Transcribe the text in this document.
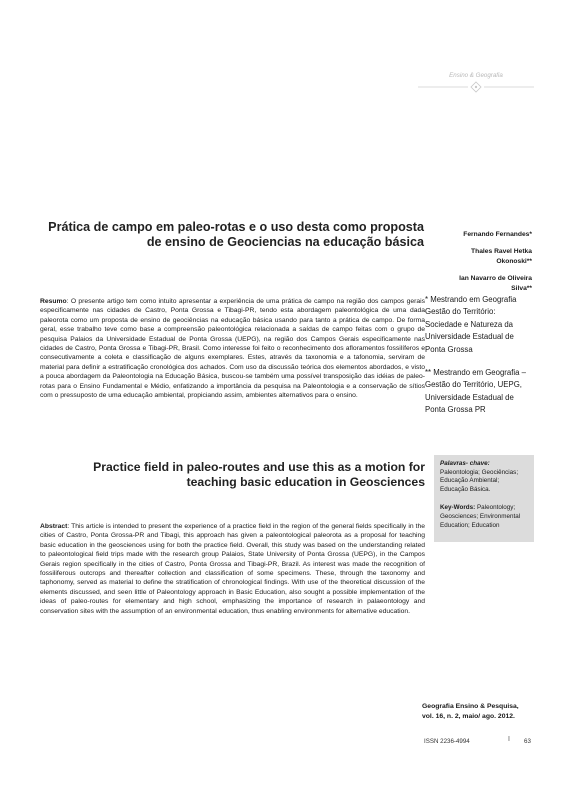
Ensino & Geografia
Prática de campo em paleo-rotas e o uso desta como proposta de ensino de Geociencias na educação básica
Fernando Fernandes*
Thales Ravel Hetka Okonoski**
Ian Navarro de Oliveira Silva**
Resumo: O presente artigo tem como intuito apresentar a experiência de uma prática de campo na região dos campos gerais especificamente nas cidades de Castro, Ponta Grossa e Tibagi-PR, tendo esta abordagem paleontológica de uma dada paleorota como um proposta de ensino de geociências na educação básica usando para tanto a prática de campo. De forma geral, esse trabalho teve como base a compreensão paleontológica relacionada a saídas de campo feitas com o grupo de pesquisa Palaios da Universidade Estadual de Ponta Grossa (UEPG), na região dos Campos Gerais especificamente nas cidades de Castro, Ponta Grossa e Tibagi-PR, Brasil. Como interesse foi feito o reconhecimento dos afloramentos fossilíferos e consecutivamente a coleta e classificação de alguns exemplares. Estes, através da taxonomia e a tafonomia, serviram de material para definir a estratificação cronológica dos achados. Com uso da discussão teórica dos elementos abordados, e visto a pouca abordagem da Paleontologia na Educação Básica, buscou-se também uma possível transposição das idéias de paleo-rotas para o Ensino Fundamental e Médio, enfatizando a importância da pesquisa na Paleontologia e a conservação de sítios com o pressuposto de uma educação ambiental, propiciando assim, ambientes alternativos para o ensino.
* Mestrando em Geografia Gestão do Território: Sociedade e Natureza da Universidade Estadual de Ponta Grossa
** Mestrando em Geografia – Gestão do Território, UEPG, Universidade Estadual de Ponta Grossa PR
Practice field in paleo-routes and use this as a motion for teaching basic education in Geosciences
Palavras- chave: Paleontologia; Geociências; Educação Ambiental; Educação Básica.
Key-Words: Paleontology; Geosciences; Environmental Education; Education
Abstract: This article is intended to present the experience of a practice field in the region of the general fields specifically in the cities of Castro, Ponta Grossa-PR and Tibagi, this approach has given a paleontological paleorota as a proposal for teaching basic education in the geosciences using for both the practice field. Overall, this study was based on the understanding related to paleontological field trips made with the research group Palaios, State University of Ponta Grossa (UEPG), in the Campos Gerais region specifically in the cities of Castro, Ponta Grossa and Tibagi-PR, Brazil. As interest was made the recognition of fossiliferous outcrops and thereafter collection and classification of some specimens. These, through the taxonomy and taphonomy, served as material to define the stratification of chronological findings. With use of the theoretical discussion of the elements discussed, and seen little of Paleontology approach in Basic Education, also sought a possible implementation of the ideas of paleo-routes for elementary and high school, emphasizing the importance of research in palaeontology and conservation sites with the assumption of an environmental education, thus enabling environments for alternative education.
Geografia Ensino & Pesquisa,
vol. 16, n. 2, maio/ ago. 2012.
ISSN 2236-4994	I 63
